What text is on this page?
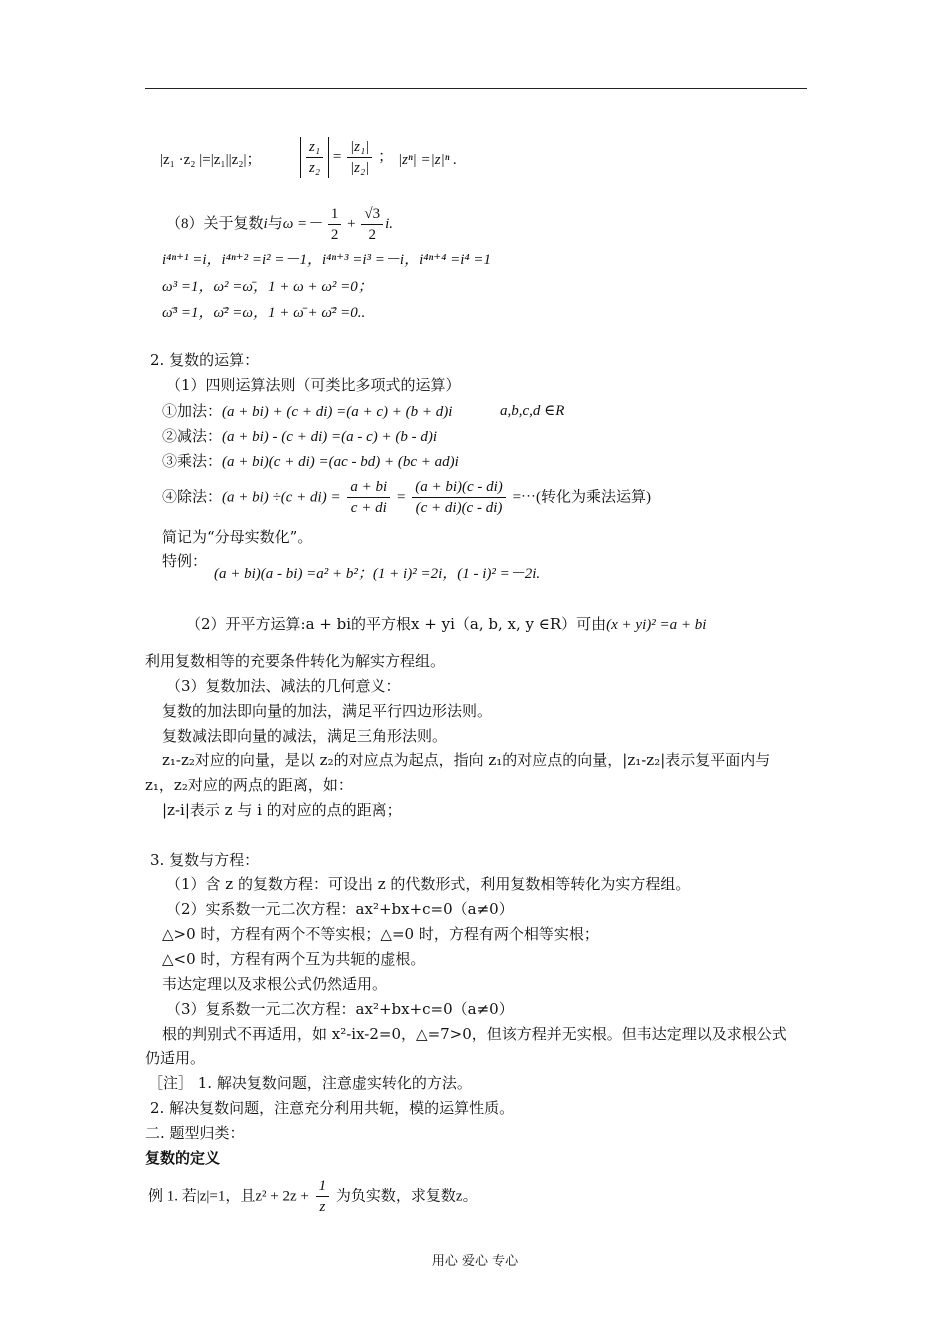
|z₁ ·z₂ |=|z₁||z₂|；	$\frac{\text{z₁}}{\text{z₂}} = \frac{\text{|z₁|}}{\text{|z₂|}}$ ； |zⁿ| =|z|ⁿ .
（8）关于复数i与$\omega =- \frac{1}{2} + \frac{√3}{2} i$.
i⁴ⁿ⁺¹ =i，i⁴ⁿ⁺² =i² =－1，i⁴ⁿ⁺³ =i³ =－i，i⁴ⁿ⁺⁴ =i⁴ =1
ω³ =1，ω² =ω̄，1 + ω + ω² =0；
ω̄³ =1，ω̄² =ω，1 + ω̄ + ω̄² =0..
2. 复数的运算：
（1）四则运算法则（可类比多项式的运算）
①加法：(a + bi) + (c + di) =(a + c) + (b + d)i	a,b,c,d ∈R
②减法：(a + bi) - (c + di) =(a - c) + (b - d)i
③乘法：(a + bi)(c + di) =(ac - bd) + (bc + ad)i
④除法：$(a + bi) \div(c + di) = \frac{a + bi}{c + di} = \frac{(a + bi)(c - di)}{(c + di)(c - di)}$ =⋯(转化为乘法运算)
简记为“分母实数化”。
特例：
(a + bi)(a - bi) =a² + b²；(1 + i)² =2i，(1 - i)² =－2i.
（2）开平方运算:a + bi的平方根x + yi（a, b, x, y ∈R）可由(x + yi)² =a + bi
利用复数相等的充要条件转化为解实方程组。
（3）复数加法、减法的几何意义：
复数的加法即向量的加法，满足平行四边形法则。
复数减法即向量的减法，满足三角形法则。
z₁-z₂对应的向量，是以 z₂的对应点为起点，指向 z₁的对应点的向量，|z₁-z₂|表示复平面内与
z₁，z₂对应的两点的距离，如：
|z-i|表示 z 与 i 的对应的点的距离；
3. 复数与方程：
（1）含 z 的复数方程：可设出 z 的代数形式，利用复数相等转化为实方程组。
（2）实系数一元二次方程：ax²+bx+c=0（a≠0）
△>0 时，方程有两个不等实根；△=0 时，方程有两个相等实根；
△<0 时，方程有两个互为共轭的虚根。
韦达定理以及求根公式仍然适用。
（3）复系数一元二次方程：ax²+bx+c=0（a≠0）
根的判别式不再适用，如 x²-ix-2=0，△=7>0，但该方程并无实根。但韦达定理以及求根公式
仍适用。
［注］ 1. 解决复数问题，注意虚实转化的方法。
2. 解决复数问题，注意充分利用共轭，模的运算性质。
二. 题型归类：
复数的定义
例 1. 若|z|=1，且$z^2 + 2z + \frac{1}{z}$ 为负实数，求复数z。
用心 爱心 专心
